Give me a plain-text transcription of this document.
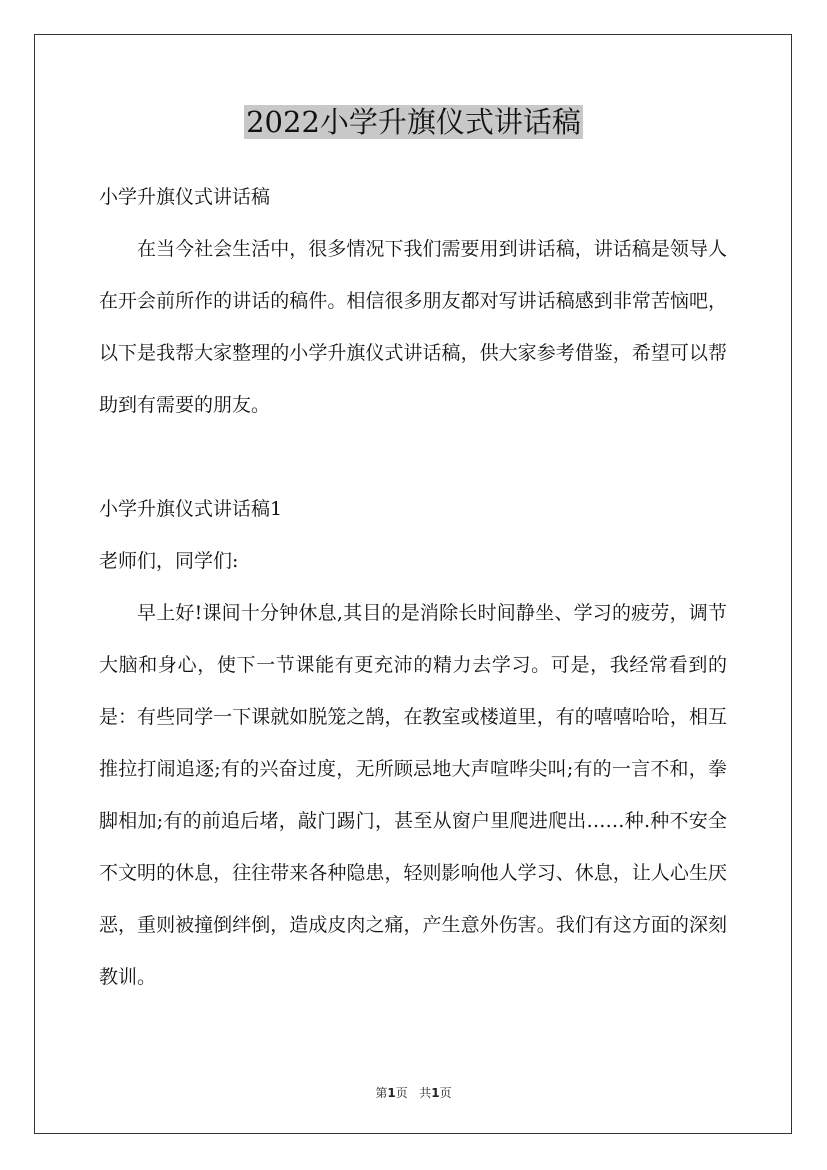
2022小学升旗仪式讲话稿

小学升旗仪式讲话稿

在当今社会生活中，很多情况下我们需要用到讲话稿，讲话稿是领导人在开会前所作的讲话的稿件。相信很多朋友都对写讲话稿感到非常苦恼吧，以下是我帮大家整理的小学升旗仪式讲话稿，供大家参考借鉴，希望可以帮助到有需要的朋友。

小学升旗仪式讲话稿1

老师们，同学们:

早上好!课间十分钟休息,其目的是消除长时间静坐、学习的疲劳，调节大脑和身心，使下一节课能有更充沛的精力去学习。可是，我经常看到的是：有些同学一下课就如脱笼之鹄，在教室或楼道里，有的嘻嘻哈哈，相互推拉打闹追逐;有的兴奋过度，无所顾忌地大声喧哗尖叫;有的一言不和，拳脚相加;有的前追后堵，敲门踢门，甚至从窗户里爬进爬出……种.种不安全不文明的休息，往往带来各种隐患，轻则影响他人学习、休息，让人心生厌恶，重则被撞倒绊倒，造成皮肉之痛，产生意外伤害。我们有这方面的深刻教训。

第1页 共1页
